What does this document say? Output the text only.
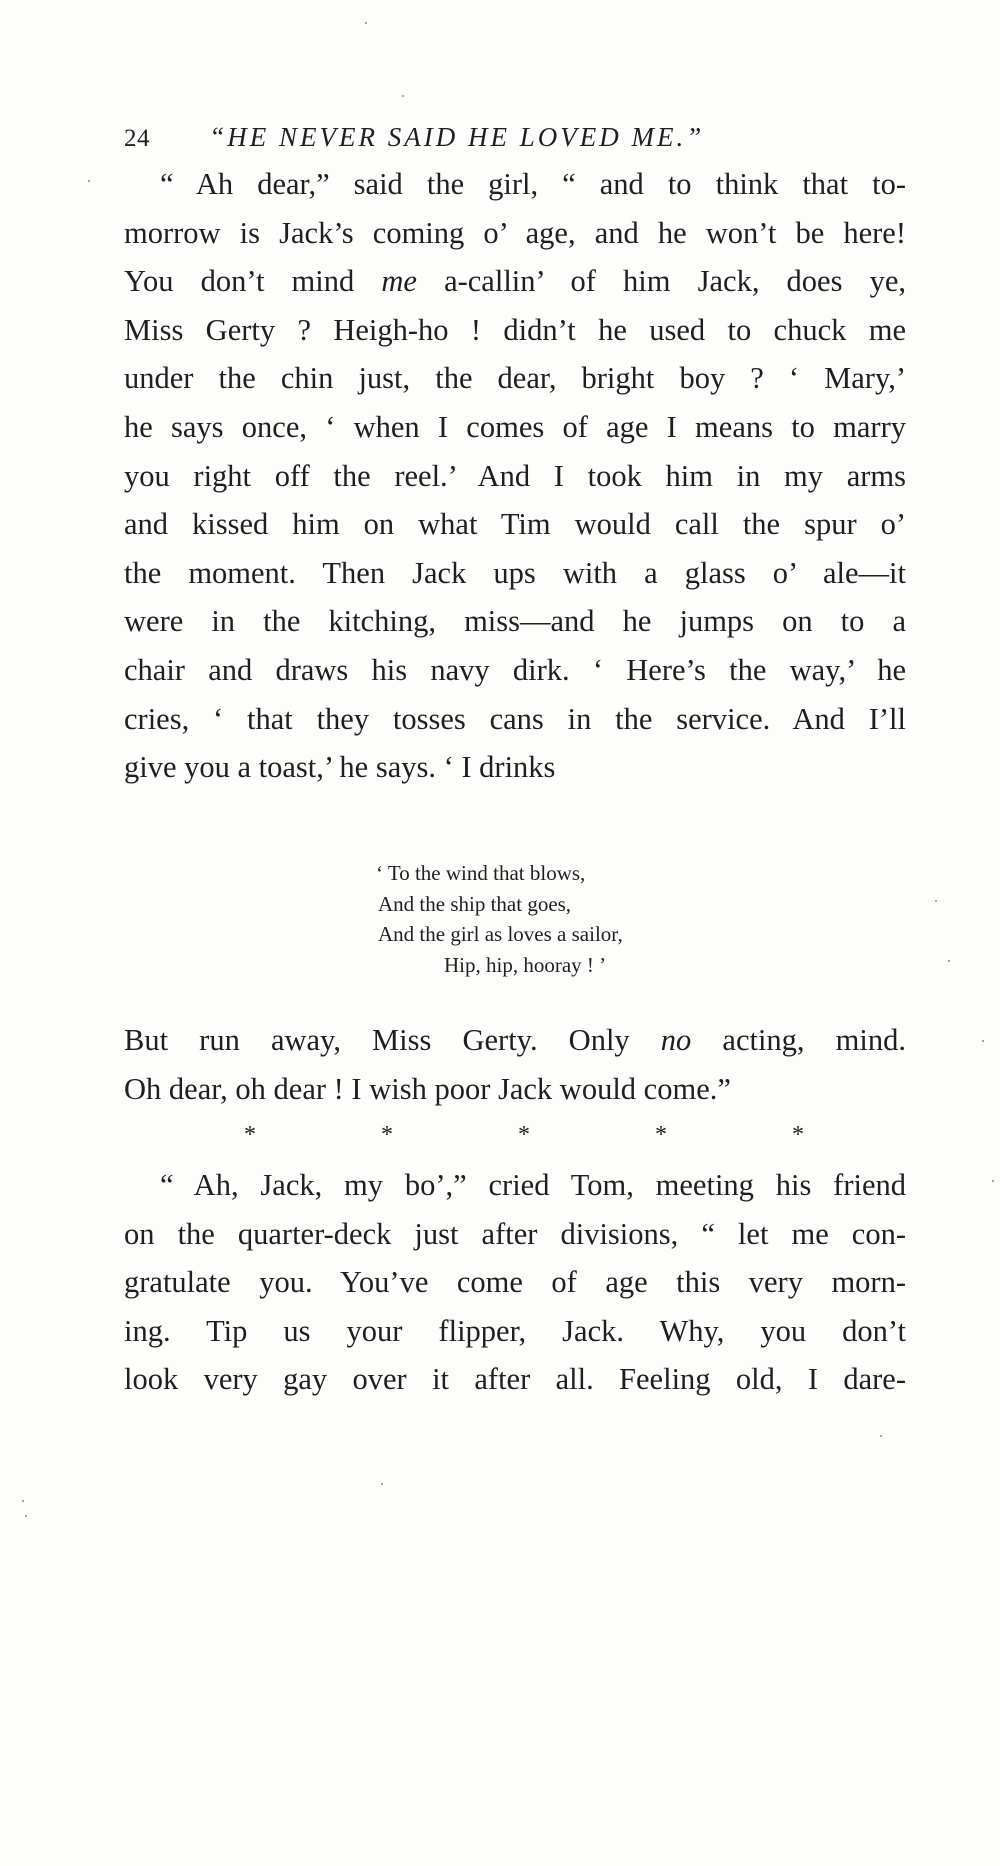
24 “HE NEVER SAID HE LOVED ME.”
“ Ah dear,” said the girl, “ and to think that to-
morrow is Jack’s coming o’ age, and he won’t be here!
You don’t mind me a-callin’ of him Jack, does ye,
Miss Gerty ? Heigh-ho ! didn’t he used to chuck me
under the chin just, the dear, bright boy ? ‘ Mary,’
he says once, ‘ when I comes of age I means to marry
you right off the reel.’ And I took him in my arms
and kissed him on what Tim would call the spur o’
the moment. Then Jack ups with a glass o’ ale—it
were in the kitching, miss—and he jumps on to a
chair and draws his navy dirk. ‘ Here’s the way,’ he
cries, ‘ that they tosses cans in the service. And I’ll
give you a toast,’ he says. ‘ I drinks
‘ To the wind that blows,
And the ship that goes,
And the girl as loves a sailor,
Hip, hip, hooray ! ’
But run away, Miss Gerty. Only no acting, mind.
Oh dear, oh dear ! I wish poor Jack would come.”
*	*	*	*	*
“ Ah, Jack, my bo’,” cried Tom, meeting his friend
on the quarter-deck just after divisions, “ let me con-
gratulate you. You’ve come of age this very morn-
ing. Tip us your flipper, Jack. Why, you don’t
look very gay over it after all. Feeling old, I dare-
